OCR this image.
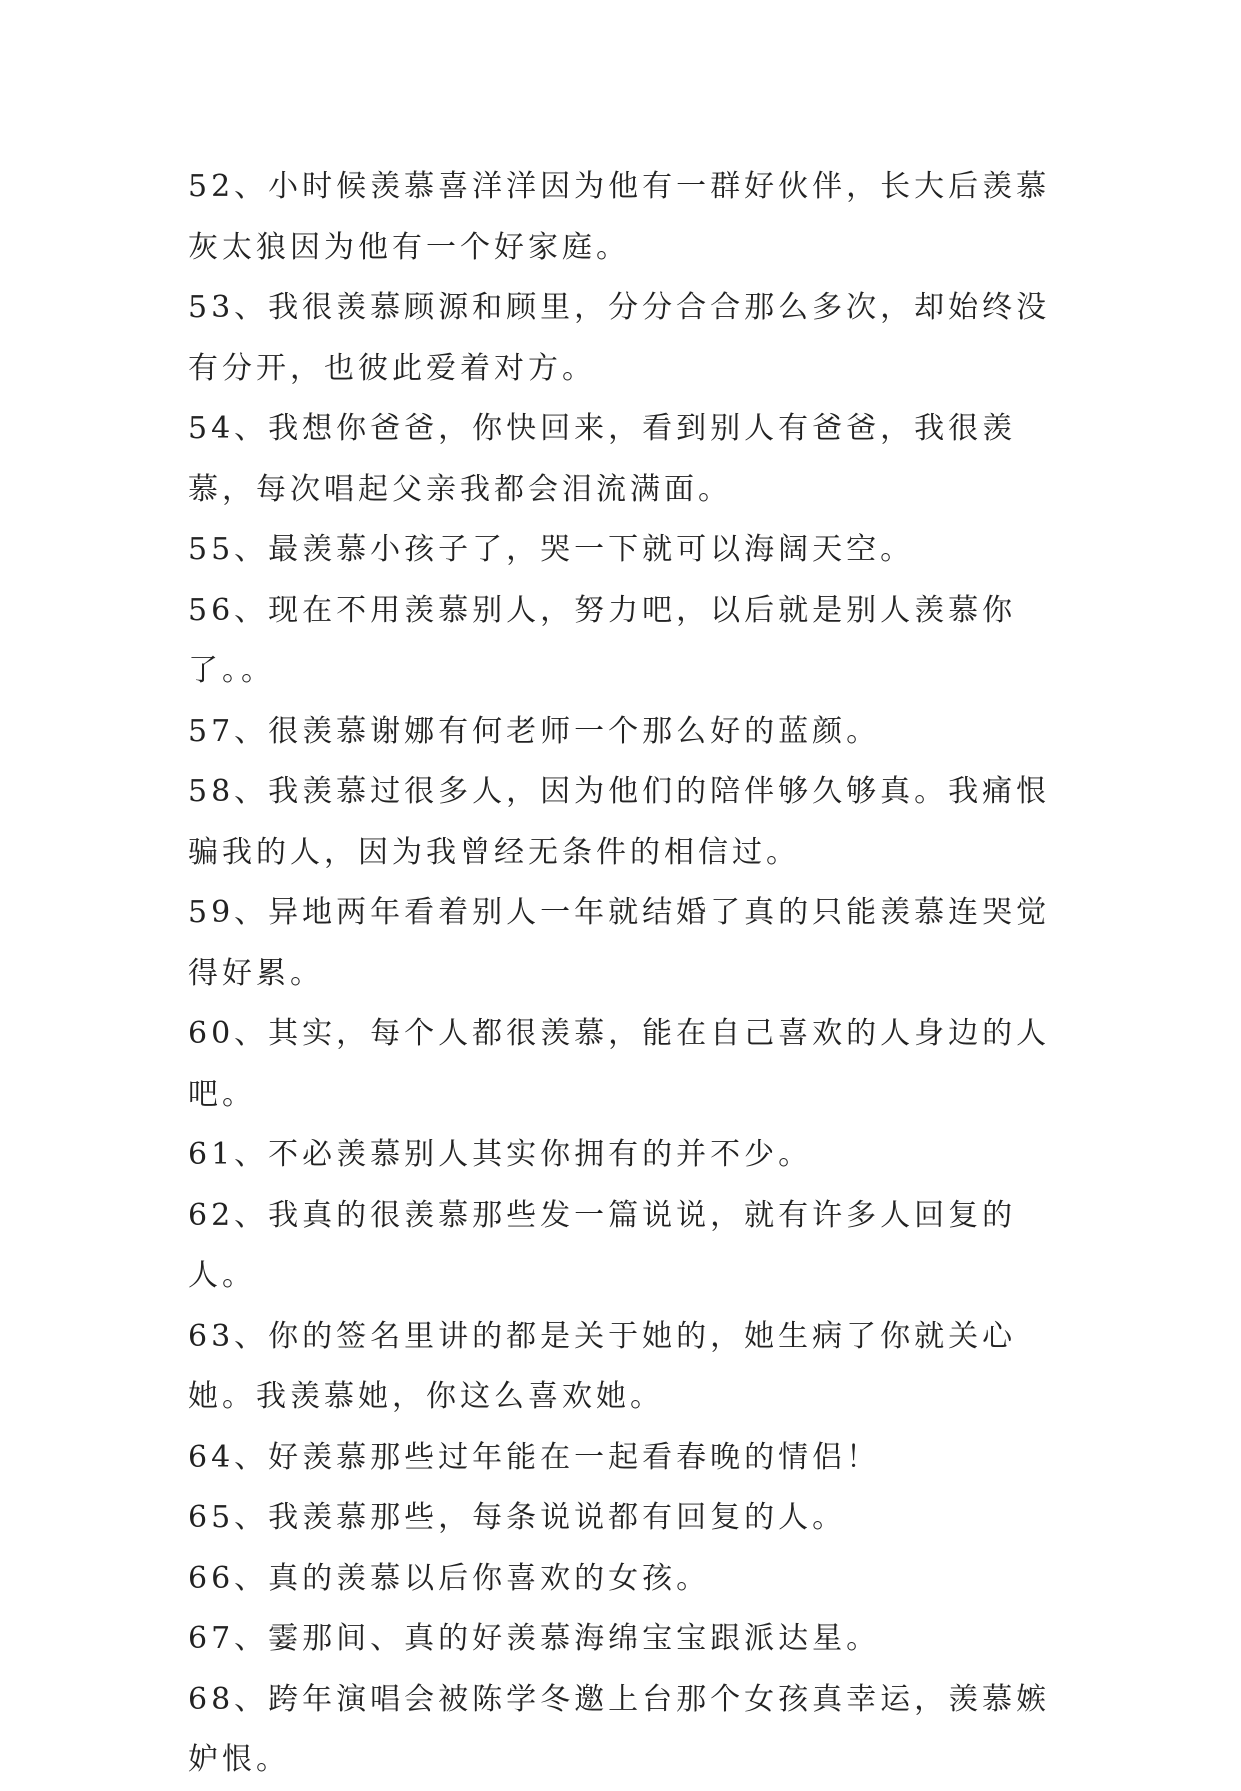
52、小时候羡慕喜洋洋因为他有一群好伙伴，长大后羡慕灰太狼因为他有一个好家庭。

53、我很羡慕顾源和顾里，分分合合那么多次，却始终没有分开，也彼此爱着对方。

54、我想你爸爸，你快回来，看到别人有爸爸，我很羡慕，每次唱起父亲我都会泪流满面。

55、最羡慕小孩子了，哭一下就可以海阔天空。

56、现在不用羡慕别人，努力吧，以后就是别人羡慕你了。。

57、很羡慕谢娜有何老师一个那么好的蓝颜。

58、我羡慕过很多人，因为他们的陪伴够久够真。我痛恨骗我的人，因为我曾经无条件的相信过。

59、异地两年看着别人一年就结婚了真的只能羡慕连哭觉得好累。

60、其实，每个人都很羡慕，能在自己喜欢的人身边的人吧。

61、不必羡慕别人其实你拥有的并不少。

62、我真的很羡慕那些发一篇说说，就有许多人回复的人。

63、你的签名里讲的都是关于她的，她生病了你就关心她。我羡慕她，你这么喜欢她。

64、好羡慕那些过年能在一起看春晚的情侣！

65、我羡慕那些，每条说说都有回复的人。

66、真的羡慕以后你喜欢的女孩。

67、霎那间、真的好羡慕海绵宝宝跟派达星。

68、跨年演唱会被陈学冬邀上台那个女孩真幸运，羡慕嫉妒恨。
